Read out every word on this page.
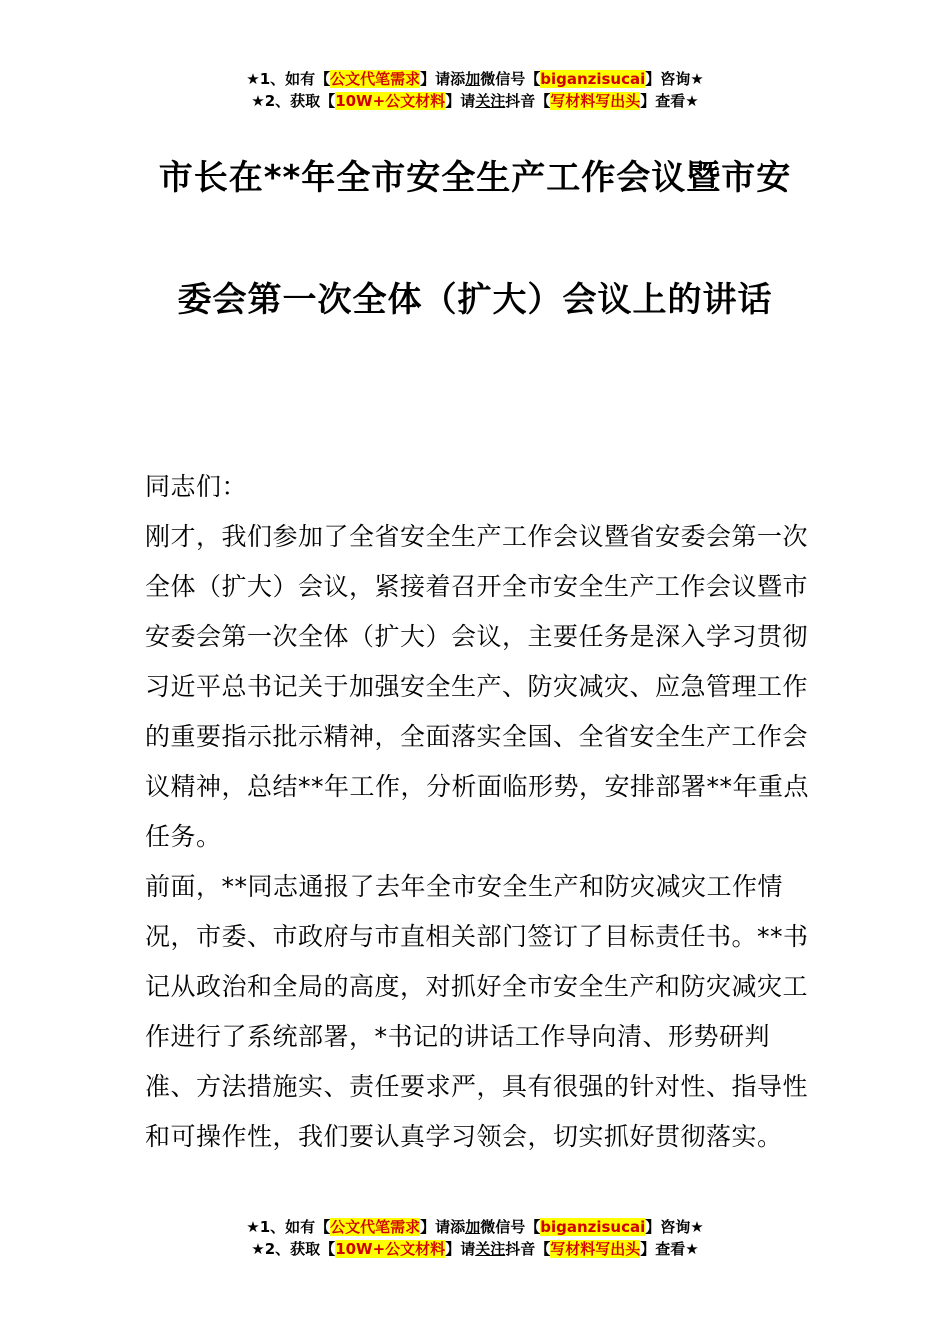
★1、如有【公文代笔需求】请添加微信号【biganzisucai】咨询★
★2、获取【10W+公文材料】请关注抖音【写材料写出头】查看★
市长在**年全市安全生产工作会议暨市安
委会第一次全体（扩大）会议上的讲话

同志们：

刚才，我们参加了全省安全生产工作会议暨省安委会第一次全体（扩大）会议，紧接着召开全市安全生产工作会议暨市安委会第一次全体（扩大）会议，主要任务是深入学习贯彻习近平总书记关于加强安全生产、防灾减灾、应急管理工作的重要指示批示精神，全面落实全国、全省安全生产工作会议精神，总结**年工作，分析面临形势，安排部署**年重点任务。

前面，**同志通报了去年全市安全生产和防灾减灾工作情况，市委、市政府与市直相关部门签订了目标责任书。**书记从政治和全局的高度，对抓好全市安全生产和防灾减灾工作进行了系统部署，*书记的讲话工作导向清、形势研判准、方法措施实、责任要求严，具有很强的针对性、指导性和可操作性，我们要认真学习领会，切实抓好贯彻落实。

★1、如有【公文代笔需求】请添加微信号【biganzisucai】咨询★
★2、获取【10W+公文材料】请关注抖音【写材料写出头】查看★
